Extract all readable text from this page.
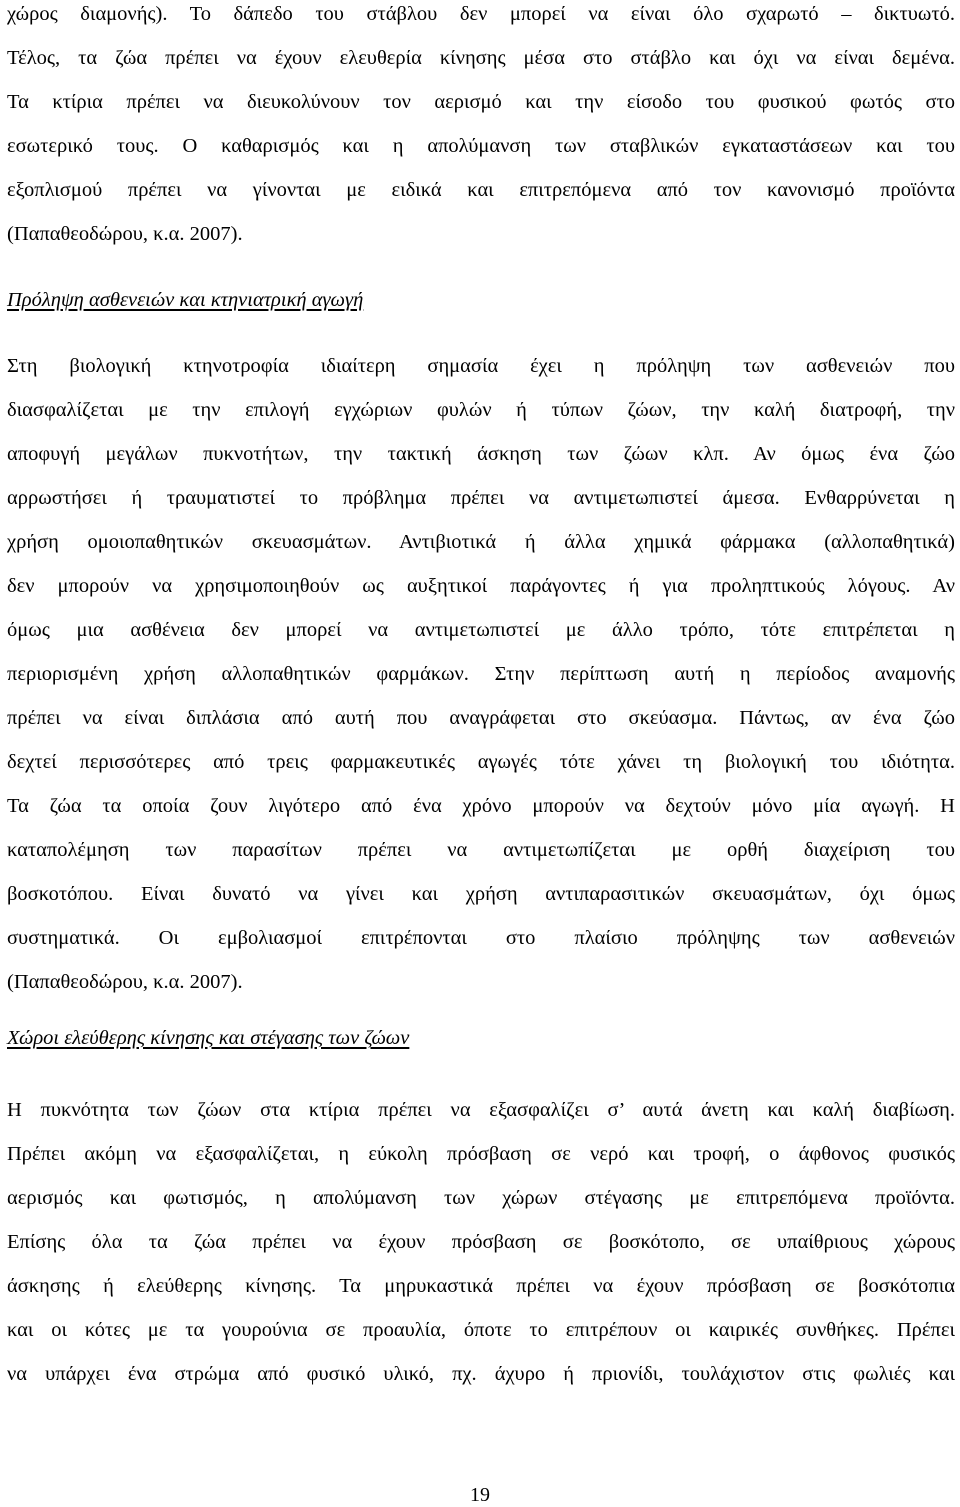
χώρος διαμονής). Το δάπεδο του στάβλου δεν μπορεί να είναι όλο σχαρωτό – δικτυωτό.
Τέλος, τα ζώα πρέπει να έχουν ελευθερία κίνησης μέσα στο στάβλο και όχι να είναι δεμένα.
Τα κτίρια πρέπει να διευκολύνουν τον αερισμό και την είσοδο του φυσικού φωτός στο
εσωτερικό τους. Ο καθαρισμός και η απολύμανση των σταβλικών εγκαταστάσεων και του
εξοπλισμού πρέπει να γίνονται με ειδικά και επιτρεπόμενα από τον κανονισμό προϊόντα
(Παπαθεοδώρου, κ.α. 2007).
Πρόληψη ασθενειών και κτηνιατρική αγωγή
Στη βιολογική κτηνοτροφία ιδιαίτερη σημασία έχει η πρόληψη των ασθενειών που
διασφαλίζεται με την επιλογή εγχώριων φυλών ή τύπων ζώων, την καλή διατροφή, την
αποφυγή μεγάλων πυκνοτήτων, την τακτική άσκηση των ζώων κλπ. Αν όμως ένα ζώο
αρρωστήσει ή τραυματιστεί το πρόβλημα πρέπει να αντιμετωπιστεί άμεσα. Ενθαρρύνεται η
χρήση ομοιοπαθητικών σκευασμάτων. Αντιβιοτικά ή άλλα χημικά φάρμακα (αλλοπαθητικά)
δεν μπορούν να χρησιμοποιηθούν ως αυξητικοί παράγοντες ή για προληπτικούς λόγους. Αν
όμως μια ασθένεια δεν μπορεί να αντιμετωπιστεί με άλλο τρόπο, τότε επιτρέπεται η
περιορισμένη χρήση αλλοπαθητικών φαρμάκων. Στην περίπτωση αυτή η περίοδος αναμονής
πρέπει να είναι διπλάσια από αυτή που αναγράφεται στο σκεύασμα. Πάντως, αν ένα ζώο
δεχτεί περισσότερες από τρεις φαρμακευτικές αγωγές τότε χάνει τη βιολογική του ιδιότητα.
Τα ζώα τα οποία ζουν λιγότερο από ένα χρόνο μπορούν να δεχτούν μόνο μία αγωγή. Η
καταπολέμηση των παρασίτων πρέπει να αντιμετωπίζεται με ορθή διαχείριση του
βοσκοτόπου. Είναι δυνατό να γίνει και χρήση αντιπαρασιτικών σκευασμάτων, όχι όμως
συστηματικά. Οι εμβολιασμοί επιτρέπονται στο πλαίσιο πρόληψης των ασθενειών
(Παπαθεοδώρου, κ.α. 2007).
Χώροι ελεύθερης κίνησης και στέγασης των ζώων
Η πυκνότητα των ζώων στα κτίρια πρέπει να εξασφαλίζει σ’ αυτά άνετη και καλή διαβίωση.
Πρέπει ακόμη να εξασφαλίζεται, η εύκολη πρόσβαση σε νερό και τροφή, ο άφθονος φυσικός
αερισμός και φωτισμός, η απολύμανση των χώρων στέγασης με επιτρεπόμενα προϊόντα.
Επίσης όλα τα ζώα πρέπει να έχουν πρόσβαση σε βοσκότοπο, σε υπαίθριους χώρους
άσκησης ή ελεύθερης κίνησης. Τα μηρυκαστικά πρέπει να έχουν πρόσβαση σε βοσκότοπια
και οι κότες με τα γουρούνια σε προαυλία, όποτε το επιτρέπουν οι καιρικές συνθήκες. Πρέπει
να υπάρχει ένα στρώμα από φυσικό υλικό, πχ. άχυρο ή πριονίδι, τουλάχιστον στις φωλιές και
19
